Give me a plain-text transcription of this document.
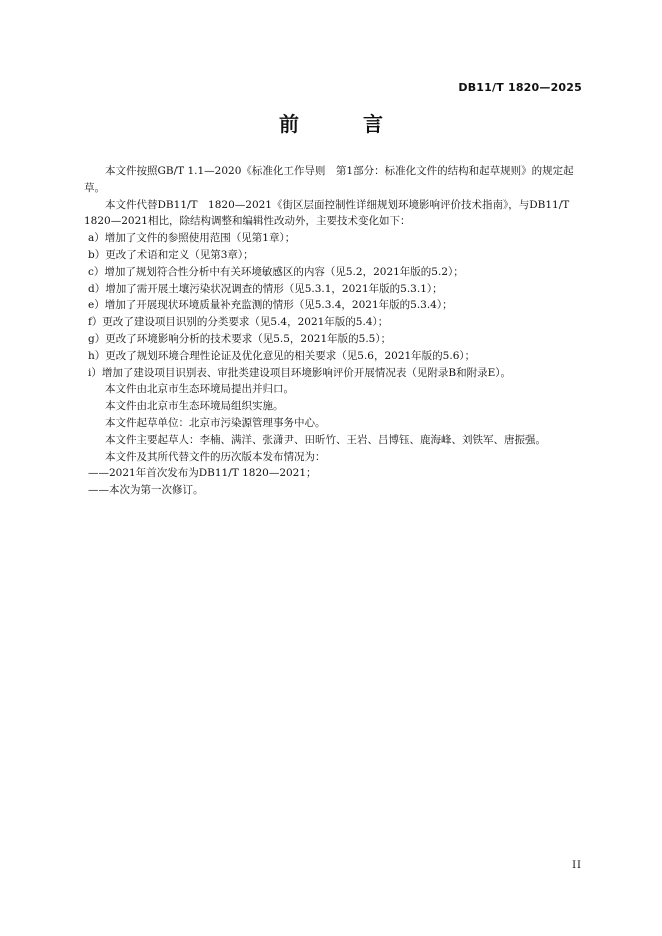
DB11/T 1820—2025
前　言

本文件按照GB/T 1.1—2020《标准化工作导则　第1部分：标准化文件的结构和起草规则》的规定起草。

本文件代替DB11/T　1820—2021《街区层面控制性详细规划环境影响评价技术指南》，与DB11/T 1820—2021相比，除结构调整和编辑性改动外，主要技术变化如下：

a）增加了文件的参照使用范围（见第1章）；

b）更改了术语和定义（见第3章）；

c）增加了规划符合性分析中有关环境敏感区的内容（见5.2，2021年版的5.2）；

d）增加了需开展土壤污染状况调查的情形（见5.3.1，2021年版的5.3.1）；

e）增加了开展现状环境质量补充监测的情形（见5.3.4，2021年版的5.3.4）；

f）更改了建设项目识别的分类要求（见5.4，2021年版的5.4）；

g）更改了环境影响分析的技术要求（见5.5，2021年版的5.5）；

h）更改了规划环境合理性论证及优化意见的相关要求（见5.6，2021年版的5.6）；

i）增加了建设项目识别表、审批类建设项目环境影响评价开展情况表（见附录B和附录E）。

本文件由北京市生态环境局提出并归口。

本文件由北京市生态环境局组织实施。

本文件起草单位：北京市污染源管理事务中心。

本文件主要起草人：李楠、满洋、张潇尹、田昕竹、王岩、吕博钰、鹿海峰、刘铁军、唐振强。

本文件及其所代替文件的历次版本发布情况为：

——2021年首次发布为DB11/T 1820—2021；

——本次为第一次修订。

II
